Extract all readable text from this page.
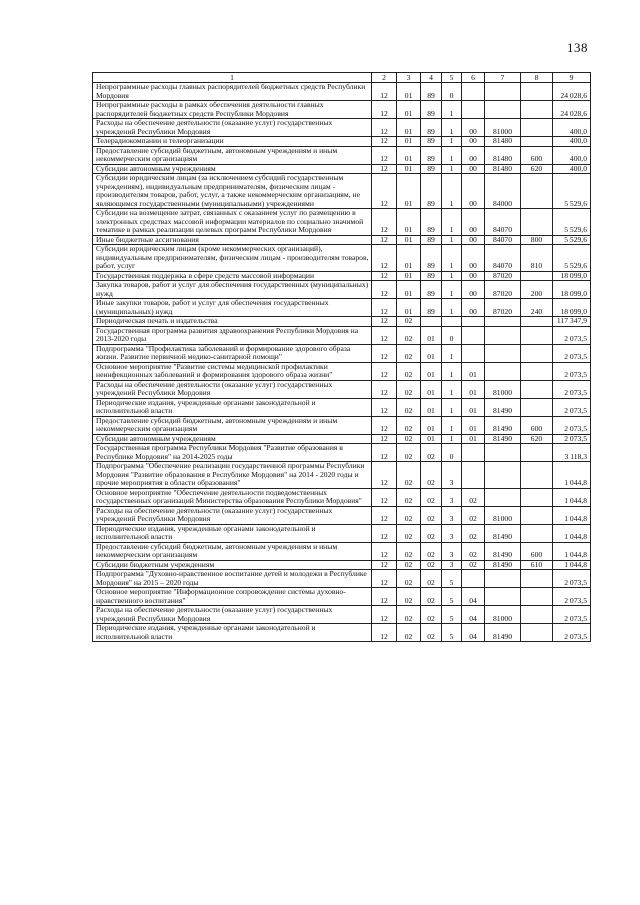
138
1	2	3	4	5	6	7	8	9
Непрограммные расходы главных распорядителей бюджетных средств Республики Мордовия	12	01	89	0				24 028,6
Непрограммные расходы в рамках обеспечения деятельности главных распорядителей бюджетных средств Республики Мордовия	12	01	89	1				24 028,6
Расходы на обеспечение деятельности (оказание услуг) государственных учреждений Республики Мордовия	12	01	89	1	00	81000		400,0
Телерадиокомпании и телеорганизации	12	01	89	1	00	81480		400,0
Предоставление субсидий бюджетным, автономным учреждениям и иным некоммерческим организациям	12	01	89	1	00	81480	600	400,0
Субсидии автономным учреждениям	12	01	89	1	00	81480	620	400,0
Субсидии юридическим лицам (за исключением субсидий государственным учреждениям), индивидуальным предпринимателям, физическим лицам - производителям товаров, работ, услуг, а также некоммерческим организациям, не являющимся государственными (муниципальными) учреждениями	12	01	89	1	00	84000		5 529,6
Субсидии на возмещение затрат, связанных с оказанием услуг по размещению в электронных средствах массовой информации материалов по социально значимой тематике в рамках реализации целевых программ Республики Мордовия	12	01	89	1	00	84070		5 529,6
Иные бюджетные ассигнования	12	01	89	1	00	84070	800	5 529,6
Субсидии юридическим лицам (кроме некоммерческих организаций), индивидуальным предпринимателям, физическим лицам - производителям товаров, работ, услуг	12	01	89	1	00	84070	810	5 529,6
Государственная поддержка в сфере средств массовой информации	12	01	89	1	00	87020		18 099,0
Закупка товаров, работ и услуг для обеспечения государственных (муниципальных) нужд	12	01	89	1	00	87020	200	18 099,0
Иные закупки товаров, работ и услуг для обеспечения государственных (муниципальных) нужд	12	01	89	1	00	87020	240	18 099,0
Периодическая печать и издательства	12	02						117 347,9
Государственная программа развития здравоохранения Республики Мордовия на 2013-2020 годы	12	02	01	0				2 073,5
Подпрограмма "Профилактика заболеваний и формирование здорового образа жизни. Развитие первичной медико-санитарной помощи"	12	02	01	1				2 073,5
Основное мероприятие "Развитие системы медицинской профилактики неинфекционных заболеваний и формирования здорового образа жизни"	12	02	01	1	01			2 073,5
Расходы на обеспечение деятельности (оказание услуг) государственных учреждений Республики Мордовия	12	02	01	1	01	81000		2 073,5
Периодические издания, учрежденные органами законодательной и исполнительной власти	12	02	01	1	01	81490		2 073,5
Предоставление субсидий бюджетным, автономным учреждениям и иным некоммерческим организациям	12	02	01	1	01	81490	600	2 073,5
Субсидии автономным учреждениям	12	02	01	1	01	81490	620	2 073,5
Государственная программа Республики Мордовия "Развитие образования в Республике Мордовия" на 2014-2025 годы	12	02	02	0				3 118,3
Подпрограмма "Обеспечение реализации государственной программы Республики Мордовия "Развитие образования в Республике Мордовия" на 2014 - 2020 годы и прочие мероприятия в области образования"	12	02	02	3				1 044,8
Основное мероприятие "Обеспечение деятельности подведомственных государственных организаций Министерства образования Республики Мордовия"	12	02	02	3	02			1 044,8
Расходы на обеспечение деятельности (оказание услуг) государственных учреждений Республики Мордовия	12	02	02	3	02	81000		1 044,8
Периодические издания, учрежденные органами законодательной и исполнительной власти	12	02	02	3	02	81490		1 044,8
Предоставление субсидий бюджетным, автономным учреждениям и иным некоммерческим организациям	12	02	02	3	02	81490	600	1 044,8
Субсидии бюджетным учреждениям	12	02	02	3	02	81490	610	1 044,8
Подпрограмма "Духовно-нравственное воспитание детей и молодежи в Республике Мордовия" на 2015 – 2020 годы	12	02	02	5				2 073,5
Основное мероприятие "Информационное сопровождение системы духовно-нравственного воспитания"	12	02	02	5	04			2 073,5
Расходы на обеспечение деятельности (оказание услуг) государственных учреждений Республики Мордовия	12	02	02	5	04	81000		2 073,5
Периодические издания, учрежденные органами законодательной и исполнительной власти	12	02	02	5	04	81490		2 073,5
